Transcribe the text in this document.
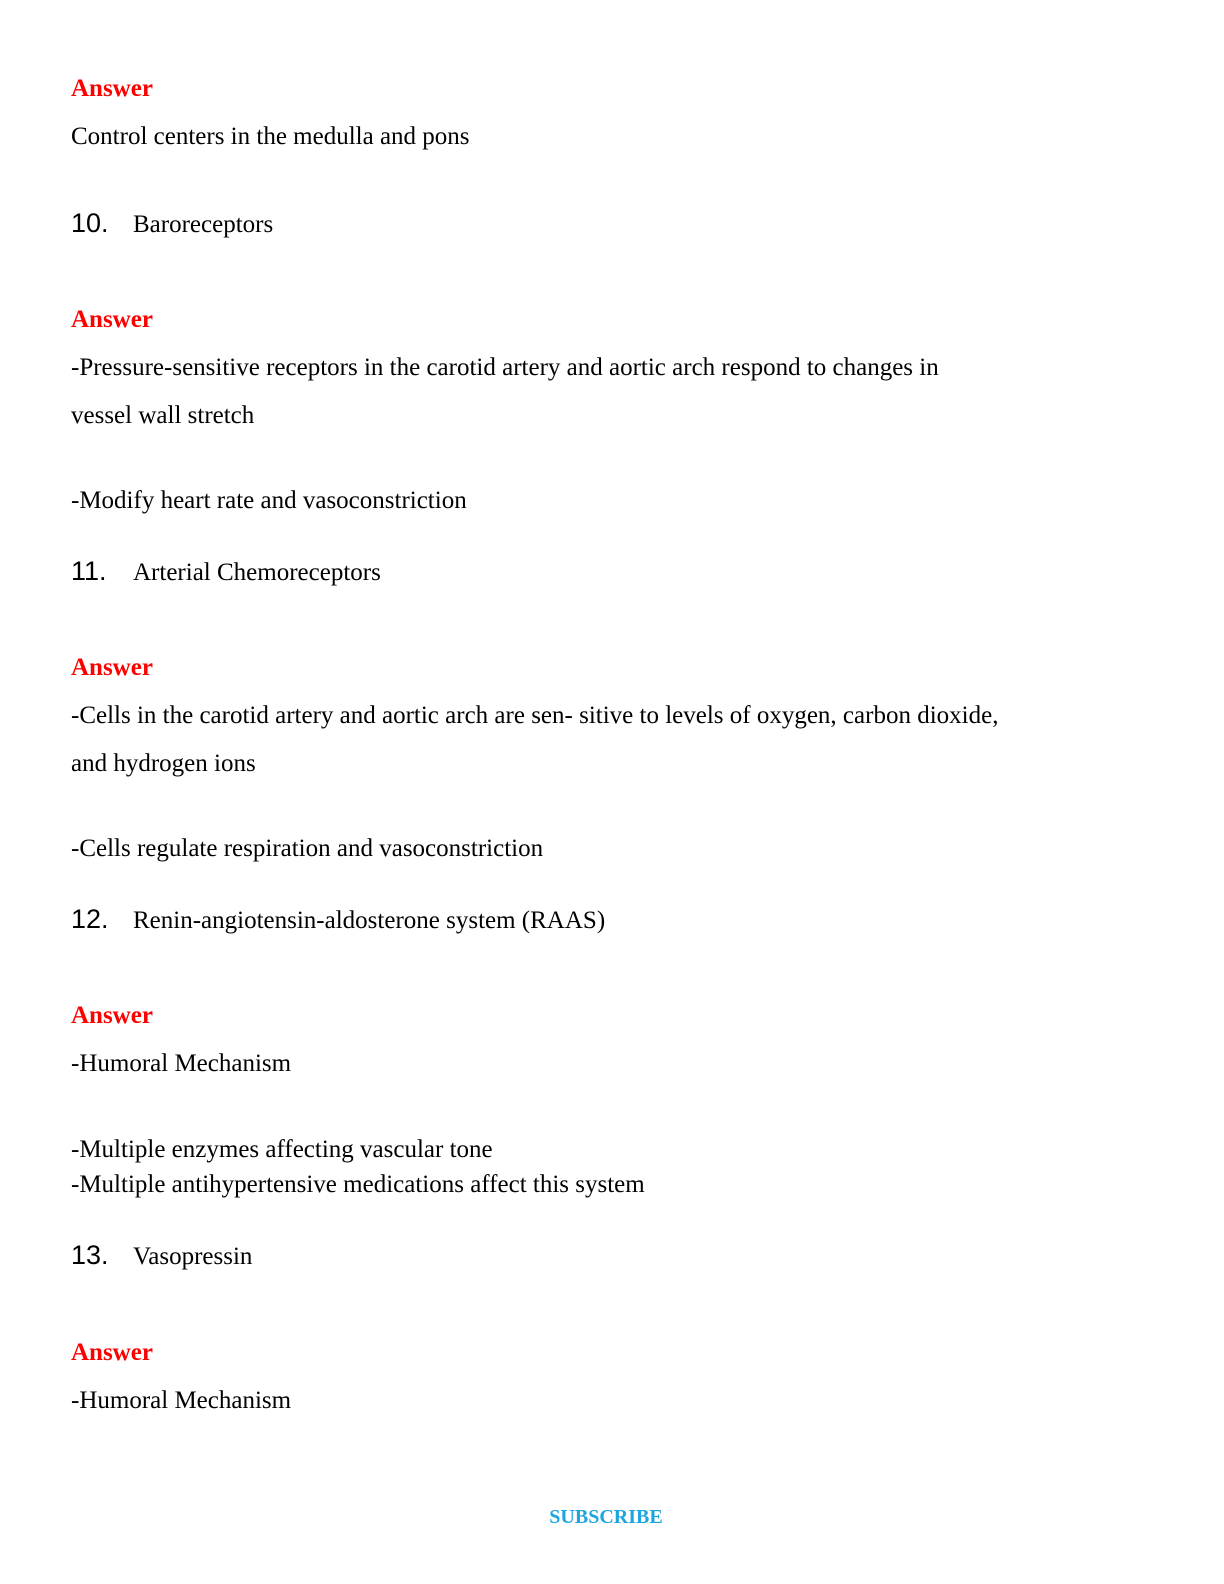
Answer
Control centers in the medulla and pons
10. Baroreceptors
Answer
-Pressure-sensitive receptors in the carotid artery and aortic arch respond to changes in
vessel wall stretch
-Modify heart rate and vasoconstriction
11. Arterial Chemoreceptors
Answer
-Cells in the carotid artery and aortic arch are sen- sitive to levels of oxygen, carbon dioxide,
and hydrogen ions
-Cells regulate respiration and vasoconstriction
12. Renin-angiotensin-aldosterone system (RAAS)
Answer
-Humoral Mechanism
-Multiple enzymes affecting vascular tone
-Multiple antihypertensive medications affect this system
13. Vasopressin
Answer
-Humoral Mechanism
SUBSCRIBE
